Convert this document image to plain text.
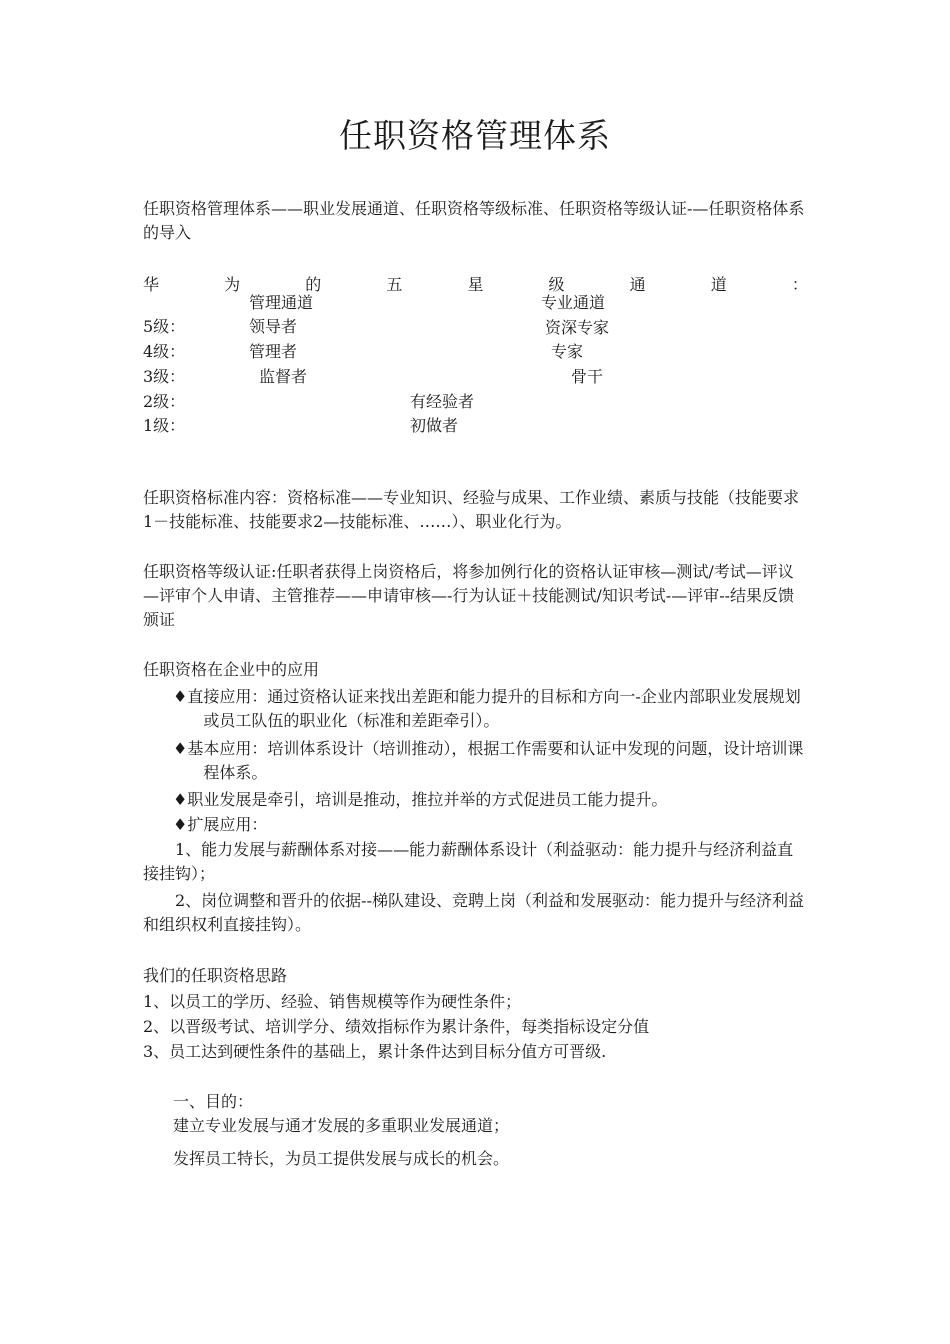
任职资格管理体系
任职资格管理体系——职业发展通道、任职资格等级标准、任职资格等级认证-—任职资格体系的导入
华	为	的	五	星	级	通	道	：
管理通道	专业通道
5级：	领导者	资深专家
4级：	管理者	专家
3级：	监督者	骨干
2级：	有经验者
1级：	初做者
任职资格标准内容：资格标准——专业知识、经验与成果、工作业绩、素质与技能（技能要求1－技能标准、技能要求2—技能标准、……）、职业化行为。
任职资格等级认证:任职者获得上岗资格后，将参加例行化的资格认证审核—测试/考试—评议—评审个人申请、主管推荐——申请审核—-行为认证＋技能测试/知识考试-—评审--结果反馈颁证
任职资格在企业中的应用
♦直接应用：通过资格认证来找出差距和能力提升的目标和方向一-企业内部职业发展规划或员工队伍的职业化（标准和差距牵引）。
♦基本应用：培训体系设计（培训推动），根据工作需要和认证中发现的问题，设计培训课程体系。
♦职业发展是牵引，培训是推动，推拉并举的方式促进员工能力提升。
♦扩展应用：
1、能力发展与薪酬体系对接——能力薪酬体系设计（利益驱动：能力提升与经济利益直接挂钩）；
2、岗位调整和晋升的依据--梯队建设、竞聘上岗（利益和发展驱动：能力提升与经济利益和组织权利直接挂钩）。
我们的任职资格思路
1、以员工的学历、经验、销售规模等作为硬性条件；
2、以晋级考试、培训学分、绩效指标作为累计条件，每类指标设定分值
3、员工达到硬性条件的基础上，累计条件达到目标分值方可晋级.
一、目的：
建立专业发展与通才发展的多重职业发展通道；
发挥员工特长，为员工提供发展与成长的机会。
